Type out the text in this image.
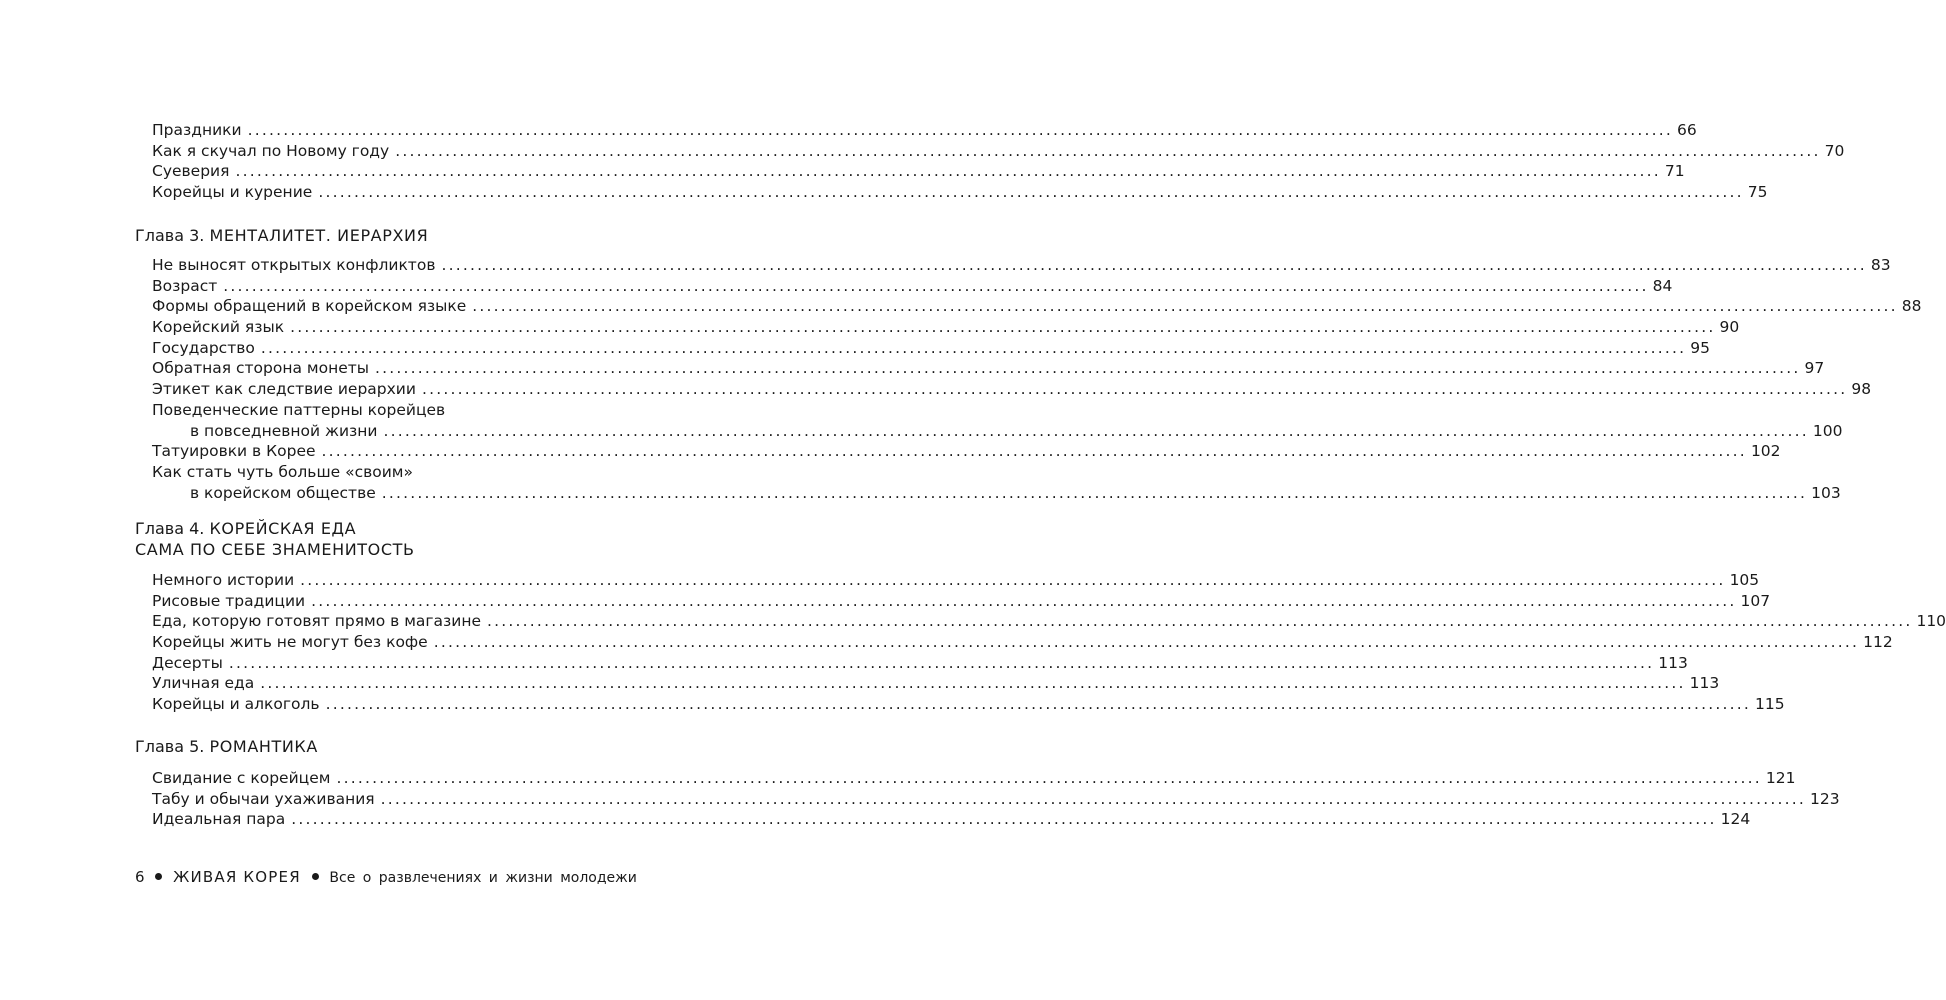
Праздники ........................................................................................................................................................................................................ 66
Как я скучал по Новому году ........................................................................................................................................................................................................ 70
Суеверия ........................................................................................................................................................................................................ 71
Корейцы и курение ........................................................................................................................................................................................................ 75
Глава 3. МЕНТАЛИТЕТ. ИЕРАРХИЯ
Не выносят открытых конфликтов ........................................................................................................................................................................................................ 83
Возраст ........................................................................................................................................................................................................ 84
Формы обращений в корейском языке ........................................................................................................................................................................................................ 88
Корейский язык ........................................................................................................................................................................................................ 90
Государство ........................................................................................................................................................................................................ 95
Обратная сторона монеты ........................................................................................................................................................................................................ 97
Этикет как следствие иерархии ........................................................................................................................................................................................................ 98
Поведенческие паттерны корейцев
в повседневной жизни ........................................................................................................................................................................................................ 100
Татуировки в Корее ........................................................................................................................................................................................................ 102
Как стать чуть больше «своим»
в корейском обществе ........................................................................................................................................................................................................ 103
Глава 4. КОРЕЙСКАЯ ЕДА
САМА ПО СЕБЕ ЗНАМЕНИТОСТЬ
Немного истории ........................................................................................................................................................................................................ 105
Рисовые традиции ........................................................................................................................................................................................................ 107
Еда, которую готовят прямо в магазине ........................................................................................................................................................................................................ 110
Корейцы жить не могут без кофе ........................................................................................................................................................................................................ 112
Десерты ........................................................................................................................................................................................................ 113
Уличная еда ........................................................................................................................................................................................................ 113
Корейцы и алкоголь ........................................................................................................................................................................................................ 115
Глава 5. РОМАНТИКА
Свидание с корейцем ........................................................................................................................................................................................................ 121
Табу и обычаи ухаживания ........................................................................................................................................................................................................ 123
Идеальная пара ........................................................................................................................................................................................................ 124
6 ЖИВАЯ КОРЕЯ Все о развлечениях и жизни молодежи
